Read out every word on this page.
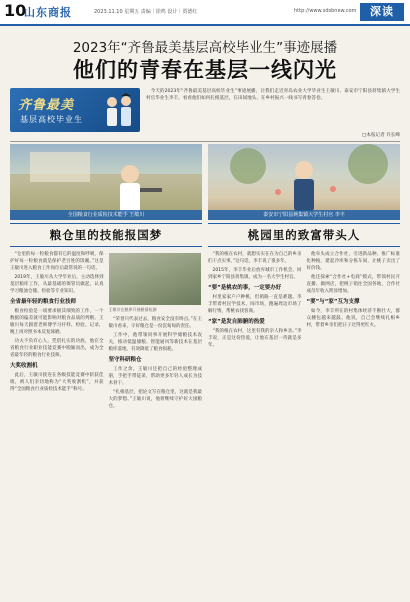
10
山东商报	2023.11.10 星期五 责编｜徐鸣 设计｜贾德红	http://www.sdsbnew.com	深读
2023年“齐鲁最美基层高校毕业生”事迹展播
他们的青春在基层一线闪光
齐鲁最美
基层高校毕业生
今天的2023年“齐鲁最美基层高校毕业生”事迹展播，让我们走近青岛农业大学毕业生王敏川、泰安市宁阳县蒋集镇大学生村官毕业生李丰，看看他们如何扎根基层，在田间地头、在乡村振兴一线书写青春答卷。
□本报记者 许长峰
全国粮食行业质检技术能手 王敏川
粮仓里的技能报国梦
“仓里的每一粒粮食都有它的温度和呼吸，保护好每一粒粮食就是保护老百姓的饭碗。”这是王敏川进入粮食工作岗位后最常说的一句话。
2019年，王敏川从大学毕业后，主动选择到基层粮库工作，从最基础的保管员做起，认真学习粮油仓储、检验等专业知识。
全省最年轻的粮食行业技师
粮食检验是一项要求极其细致的工作，一个数据的偏差就可能影响对粮食品质的判断。王敏川每天跟着老师傅学习扦样、检验、记录，晚上再对照书本反复琢磨。
功夫不负有心人。凭借扎实的功底，他在全省粮食行业职业技能竞赛中脱颖而出，成为全省最年轻的粮食行业技师。
大奖收割机
此后，王敏川接连在各级技能竞赛中斩获佳绩，被人们亲切地称为“大奖收割机”，并获得“全国粮食行业质检技术能手”称号。
王敏川在粮库开展粮情检测
“荣誉只代表过去，粮食安全没有终点。”在王敏川看来，守好粮仓是一份沉甸甸的责任。
工作中，他带领同事开展科学储粮技术攻关，推动低温储粮、智能通风等新技术在基层粮库落地，有效降低了粮食损耗。
坚守科研粮仓
工作之余，王敏川还把自己的经验整理成册，手把手带徒弟，帮助更多年轻人成长为技术骨干。
“扎根基层，把论文写在粮仓里，这就是我最大的梦想。”王敏川说，他将继续守护好大国粮仓。
泰安市宁阳县蒋集镇大学生村官 李丰
桃园里的致富带头人
“我的根在农村，就想实实在在为自己的乡亲们干点实事。”这句话，李丰说了很多年。
2015年，李丰毕业后放弃城市工作机会，回到家乡宁阳县蒋集镇，成为一名大学生村官。
“要”是桃农的事，一定要办好
村里家家户户种桃，但销路一直是难题。李丰带着村民学技术、闯市场，跑遍周边市场了解行情，帮桃农找客商。
“家”是发自肺腑的热爱
“我的根在农村，这里有我的亲人和乡亲。”李丰说，正是这份热爱，让他在基层一待就是多年。
他牵头成立合作社，引进新品种、推广标准化种植，建起冷库和分拣车间，让桃子卖出了好价钱。
他还探索“合作社+电商”模式，带领村民开直播、做网店，把桃子销往全国各地，合作社成员年收入明显增加。
“要”与“家”互为支撑
如今，李丰所在的村集体经济不断壮大，群众腰包越来越鼓。他说，自己会继续扎根乡村，带着乡亲们把日子过得更红火。
